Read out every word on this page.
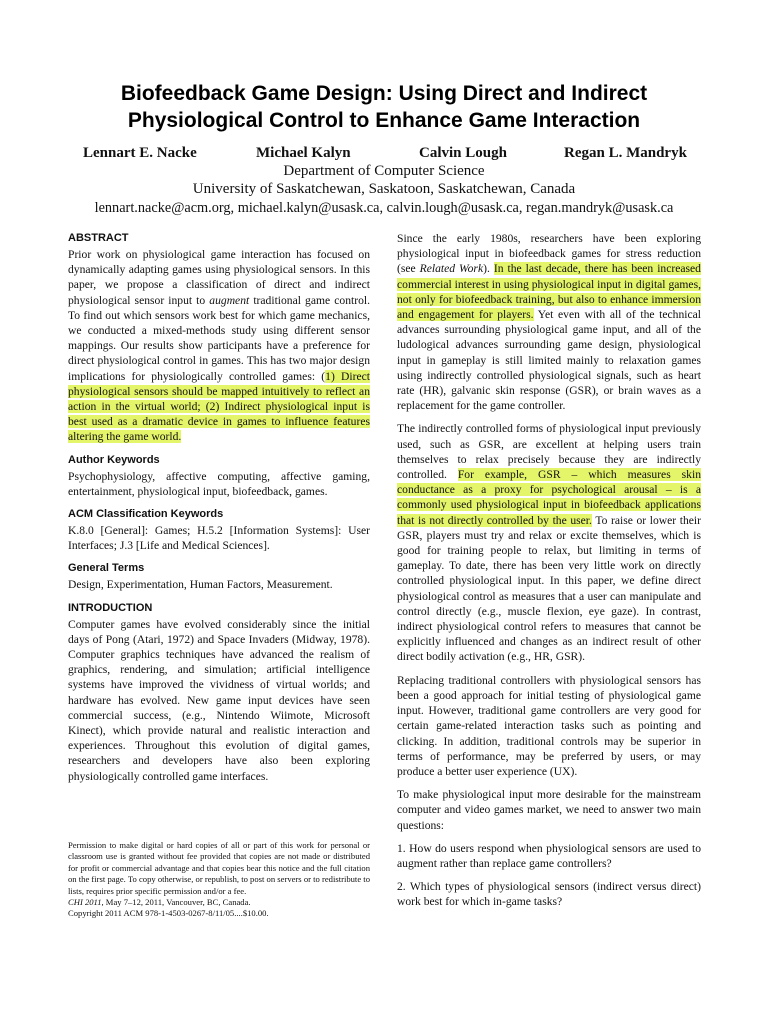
Biofeedback Game Design: Using Direct and Indirect
Physiological Control to Enhance Game Interaction
Lennart E. Nacke	Michael Kalyn	Calvin Lough	Regan L. Mandryk
Department of Computer Science
University of Saskatchewan, Saskatoon, Saskatchewan, Canada
lennart.nacke@acm.org, michael.kalyn@usask.ca, calvin.lough@usask.ca, regan.mandryk@usask.ca
ABSTRACT

Prior work on physiological game interaction has focused on dynamically adapting games using physiological sensors. In this paper, we propose a classification of direct and indirect physiological sensor input to augment traditional game control. To find out which sensors work best for which game mechanics, we conducted a mixed-methods study using different sensor mappings. Our results show participants have a preference for direct physiological control in games. This has two major design implications for physiologically controlled games: (1) Direct physiological sensors should be mapped intuitively to reflect an action in the virtual world; (2) Indirect physiological input is best used as a dramatic device in games to influence features altering the game world.

Author Keywords

Psychophysiology, affective computing, affective gaming, entertainment, physiological input, biofeedback, games.

ACM Classification Keywords

K.8.0 [General]: Games; H.5.2 [Information Systems]: User Interfaces; J.3 [Life and Medical Sciences].

General Terms

Design, Experimentation, Human Factors, Measurement.

INTRODUCTION

Computer games have evolved considerably since the initial days of Pong (Atari, 1972) and Space Invaders (Midway, 1978). Computer graphics techniques have advanced the realism of graphics, rendering, and simulation; artificial intelligence systems have improved the vividness of virtual worlds; and hardware has evolved. New game input devices have seen commercial success, (e.g., Nintendo Wiimote, Microsoft Kinect), which provide natural and realistic interaction and experiences. Throughout this evolution of digital games, researchers and developers have also been exploring physiologically controlled game interfaces.

Permission to make digital or hard copies of all or part of this work for personal or classroom use is granted without fee provided that copies are not made or distributed for profit or commercial advantage and that copies bear this notice and the full citation on the first page. To copy otherwise, or republish, to post on servers or to redistribute to lists, requires prior specific permission and/or a fee.
CHI 2011, May 7–12, 2011, Vancouver, BC, Canada.
Copyright 2011 ACM 978-1-4503-0267-8/11/05....$10.00.

Since the early 1980s, researchers have been exploring physiological input in biofeedback games for stress reduction (see Related Work). In the last decade, there has been increased commercial interest in using physiological input in digital games, not only for biofeedback training, but also to enhance immersion and engagement for players. Yet even with all of the technical advances surrounding physiological game input, and all of the ludological advances surrounding game design, physiological input in gameplay is still limited mainly to relaxation games using indirectly controlled physiological signals, such as heart rate (HR), galvanic skin response (GSR), or brain waves as a replacement for the game controller.

The indirectly controlled forms of physiological input previously used, such as GSR, are excellent at helping users train themselves to relax precisely because they are indirectly controlled. For example, GSR – which measures skin conductance as a proxy for psychological arousal – is a commonly used physiological input in biofeedback applications that is not directly controlled by the user. To raise or lower their GSR, players must try and relax or excite themselves, which is good for training people to relax, but limiting in terms of gameplay. To date, there has been very little work on directly controlled physiological input. In this paper, we define direct physiological control as measures that a user can manipulate and control directly (e.g., muscle flexion, eye gaze). In contrast, indirect physiological control refers to measures that cannot be explicitly influenced and changes as an indirect result of other direct bodily activation (e.g., HR, GSR).

Replacing traditional controllers with physiological sensors has been a good approach for initial testing of physiological game input. However, traditional game controllers are very good for certain game-related interaction tasks such as pointing and clicking. In addition, traditional controls may be superior in terms of performance, may be preferred by users, or may produce a better user experience (UX).

To make physiological input more desirable for the mainstream computer and video games market, we need to answer two main questions:

1. How do users respond when physiological sensors are used to augment rather than replace game controllers?

2. Which types of physiological sensors (indirect versus direct) work best for which in-game tasks?
